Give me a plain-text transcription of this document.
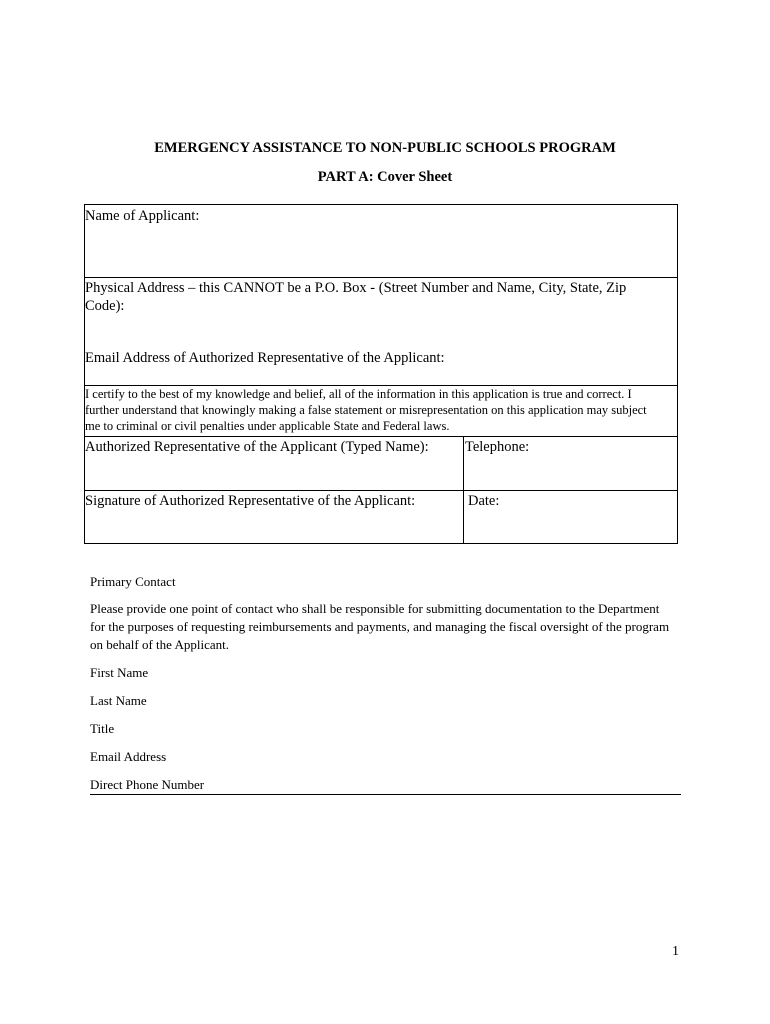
EMERGENCY ASSISTANCE TO NON-PUBLIC SCHOOLS PROGRAM
PART A: Cover Sheet
Name of Applicant:
Physical Address – this CANNOT be a P.O. Box - (Street Number and Name, City, State, Zip Code):
Email Address of Authorized Representative of the Applicant:
I certify to the best of my knowledge and belief, all of the information in this application is true and correct. I further understand that knowingly making a false statement or misrepresentation on this application may subject me to criminal or civil penalties under applicable State and Federal laws.
Authorized Representative of the Applicant (Typed Name):	Telephone:
Signature of Authorized Representative of the Applicant:	Date:
Primary Contact
Please provide one point of contact who shall be responsible for submitting documentation to the Department for the purposes of requesting reimbursements and payments, and managing the fiscal oversight of the program on behalf of the Applicant.
First Name
Last Name
Title
Email Address
Direct Phone Number
1
